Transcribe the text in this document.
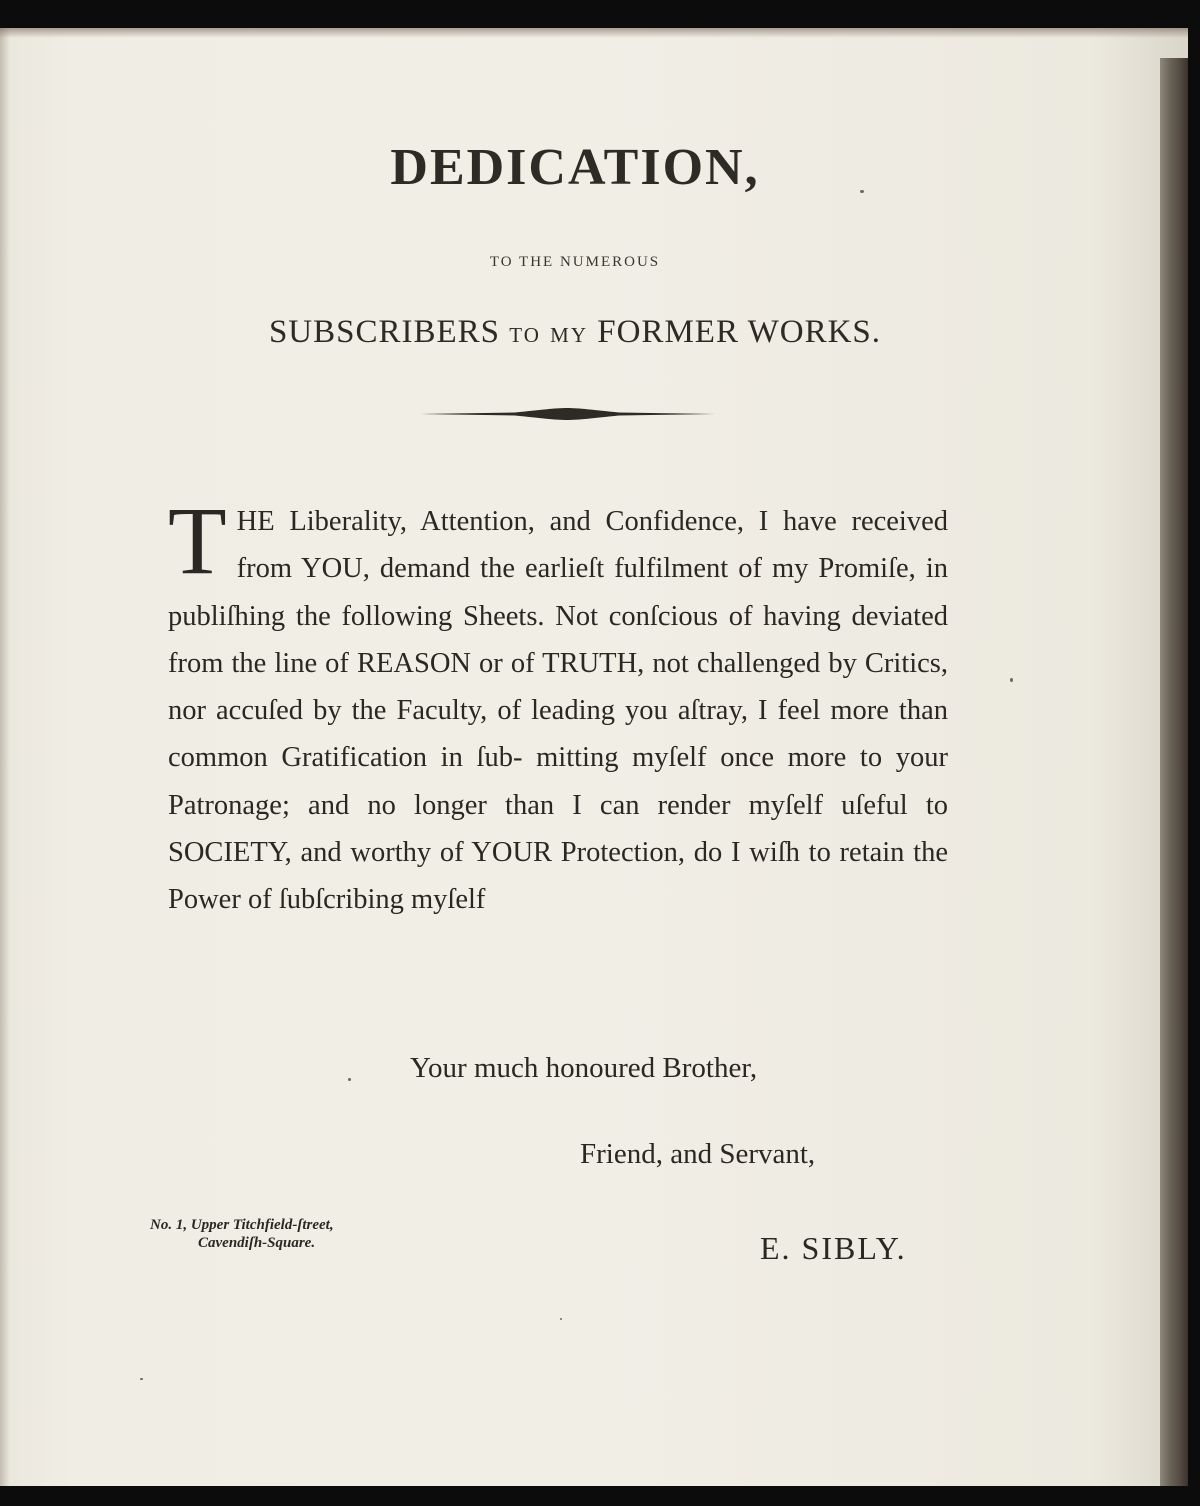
DEDICATION,
TO THE NUMEROUS
SUBSCRIBERS TO MY FORMER WORKS.
T HE Liberality, Attention, and Confidence, I have received from YOU, demand the earlieſt fulfilment of my Promiſe, in publiſhing the following Sheets. Not conſcious of having deviated from the line of REASON or of TRUTH, not challenged by Critics, nor accuſed by the Faculty, of leading you aſtray, I feel more than common Gratification in ſub- mitting myſelf once more to your Patronage; and no longer than I can render myſelf uſeful to SOCIETY, and worthy of YOUR Protection, do I wiſh to retain the Power of ſubſcribing myſelf
Your much honoured Brother,
Friend, and Servant,
No. 1, Upper Titchfield-ſtreet,
Cavendiſh-Square.	E. SIBLY.
